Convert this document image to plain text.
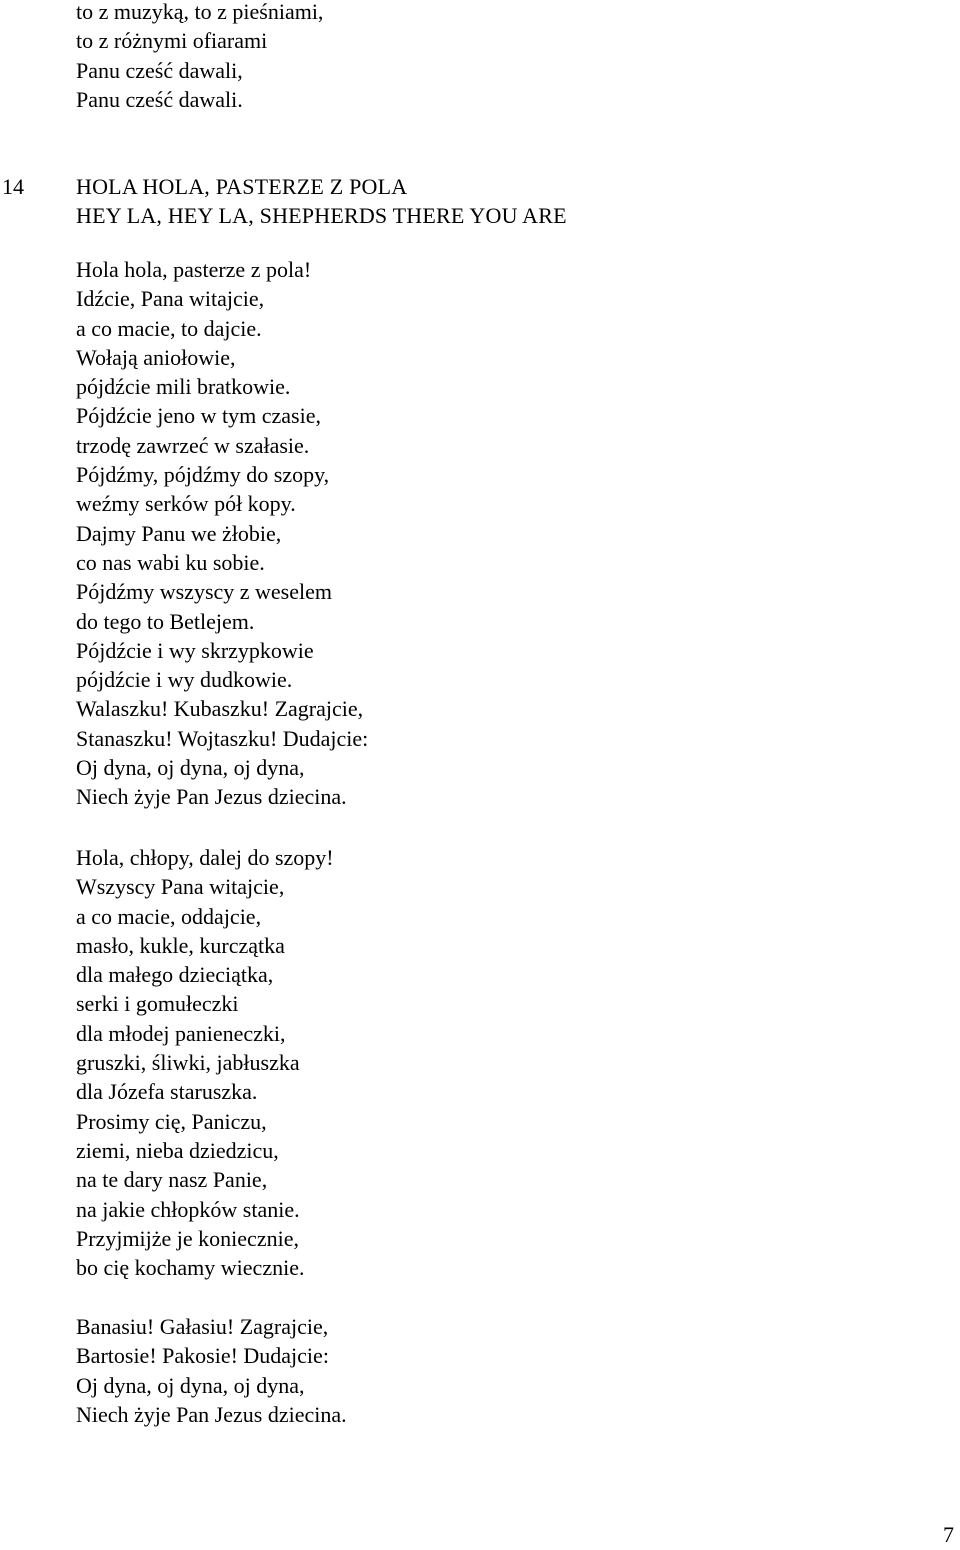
to z muzyką, to z pieśniami,
to z różnymi ofiarami
Panu cześć dawali,
Panu cześć dawali.
14 HOLA HOLA, PASTERZE Z POLA
HEY LA, HEY LA, SHEPHERDS THERE YOU ARE
Hola hola, pasterze z pola!
Idźcie, Pana witajcie,
a co macie, to dajcie.
Wołają aniołowie,
pójdźcie mili bratkowie.
Pójdźcie jeno w tym czasie,
trzodę zawrzeć w szałasie.
Pójdźmy, pójdźmy do szopy,
weźmy serków pół kopy.
Dajmy Panu we żłobie,
co nas wabi ku sobie.
Pójdźmy wszyscy z weselem
do tego to Betlejem.
Pójdźcie i wy skrzypkowie
pójdźcie i wy dudkowie.
Walaszku! Kubaszku! Zagrajcie,
Stanaszku! Wojtaszku! Dudajcie:
Oj dyna, oj dyna, oj dyna,
Niech żyje Pan Jezus dziecina.
Hola, chłopy, dalej do szopy!
Wszyscy Pana witajcie,
a co macie, oddajcie,
masło, kukle, kurczątka
dla małego dzieciątka,
serki i gomułeczki
dla młodej panieneczki,
gruszki, śliwki, jabłuszka
dla Józefa staruszka.
Prosimy cię, Paniczu,
ziemi, nieba dziedzicu,
na te dary nasz Panie,
na jakie chłopków stanie.
Przyjmijże je koniecznie,
bo cię kochamy wiecznie.
Banasiu! Gałasiu! Zagrajcie,
Bartosie! Pakosie! Dudajcie:
Oj dyna, oj dyna, oj dyna,
Niech żyje Pan Jezus dziecina.
7
